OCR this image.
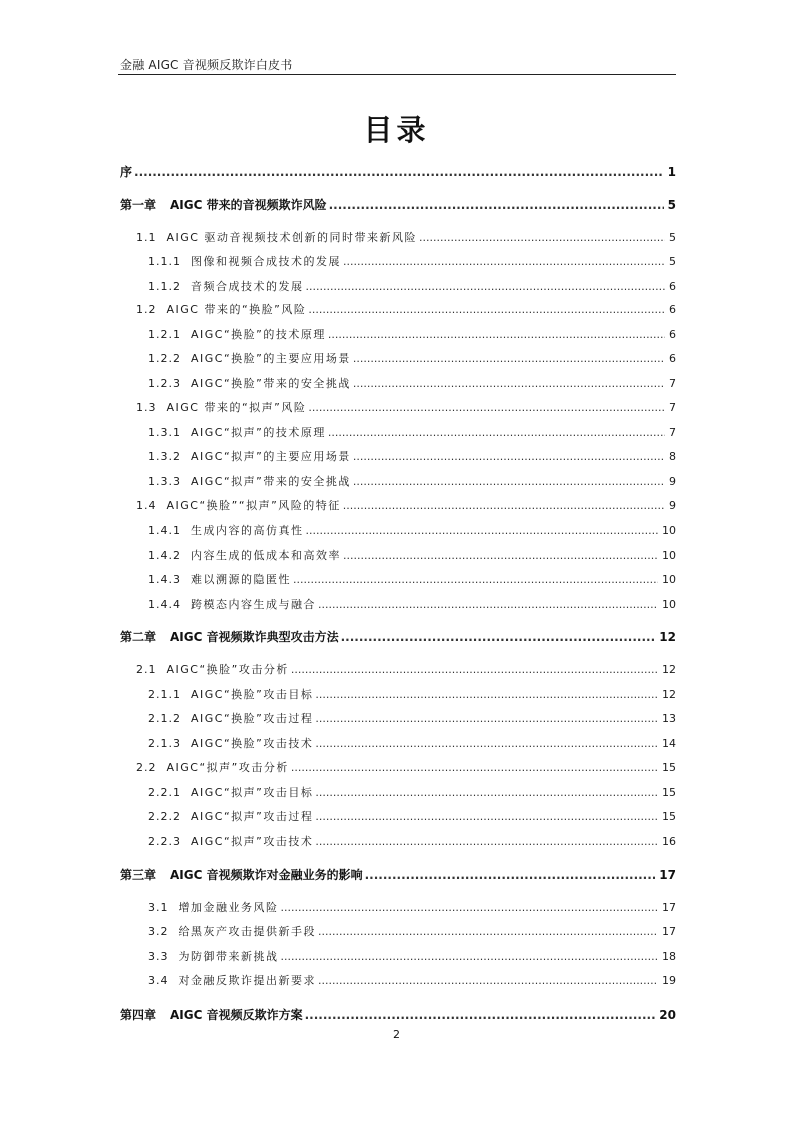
金融 AIGC 音视频反欺诈白皮书
目录
序 .....	1
第一章 AIGC 带来的音视频欺诈风险 .....	5
1.1 AIGC 驱动音视频技术创新的同时带来新风险 .....	5
1.1.1 图像和视频合成技术的发展 .....	5
1.1.2 音频合成技术的发展 .....	6
1.2 AIGC 带来的“换脸”风险 .....	6
1.2.1 AIGC“换脸”的技术原理 .....	6
1.2.2 AIGC“换脸”的主要应用场景 .....	6
1.2.3 AIGC“换脸”带来的安全挑战 .....	7
1.3 AIGC 带来的“拟声”风险 .....	7
1.3.1 AIGC“拟声”的技术原理 .....	7
1.3.2 AIGC“拟声”的主要应用场景 .....	8
1.3.3 AIGC“拟声”带来的安全挑战 .....	9
1.4 AIGC“换脸”“拟声”风险的特征 .....	9
1.4.1 生成内容的高仿真性 .....	10
1.4.2 内容生成的低成本和高效率 .....	10
1.4.3 难以溯源的隐匿性 .....	10
1.4.4 跨模态内容生成与融合 .....	10
第二章 AIGC 音视频欺诈典型攻击方法 .....	12
2.1 AIGC“换脸”攻击分析 .....	12
2.1.1 AIGC“换脸”攻击目标 .....	12
2.1.2 AIGC“换脸”攻击过程 .....	13
2.1.3 AIGC“换脸”攻击技术 .....	14
2.2 AIGC“拟声”攻击分析 .....	15
2.2.1 AIGC“拟声”攻击目标 .....	15
2.2.2 AIGC“拟声”攻击过程 .....	15
2.2.3 AIGC“拟声”攻击技术 .....	16
第三章 AIGC 音视频欺诈对金融业务的影响 .....	17
3.1 增加金融业务风险 .....	17
3.2 给黑灰产攻击提供新手段 .....	17
3.3 为防御带来新挑战 .....	18
3.4 对金融反欺诈提出新要求 .....	19
第四章 AIGC 音视频反欺诈方案 .....	20
2
